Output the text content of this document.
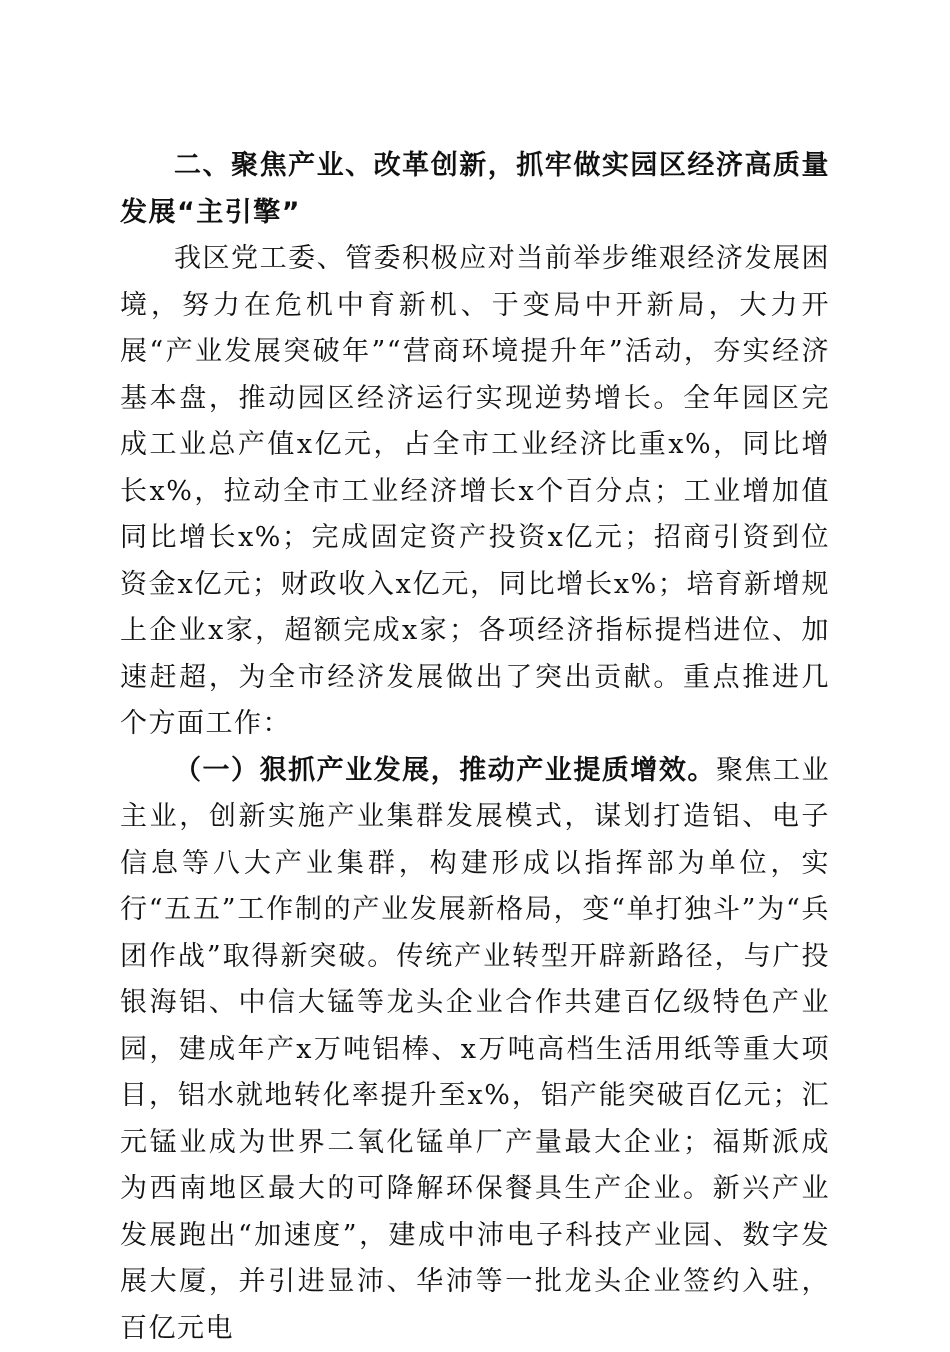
二、聚焦产业、改革创新，抓牢做实园区经济高质量发展“主引擎”

我区党工委、管委积极应对当前举步维艰经济发展困境，努力在危机中育新机、于变局中开新局，大力开展“产业发展突破年”“营商环境提升年”活动，夯实经济基本盘，推动园区经济运行实现逆势增长。全年园区完成工业总产值x亿元，占全市工业经济比重x%，同比增长x%，拉动全市工业经济增长x个百分点；工业增加值同比增长x%；完成固定资产投资x亿元；招商引资到位资金x亿元；财政收入x亿元，同比增长x%；培育新增规上企业x家，超额完成x家；各项经济指标提档进位、加速赶超，为全市经济发展做出了突出贡献。重点推进几个方面工作：

（一）狠抓产业发展，推动产业提质增效。聚焦工业主业，创新实施产业集群发展模式，谋划打造铝、电子信息等八大产业集群，构建形成以指挥部为单位，实行“五五”工作制的产业发展新格局，变“单打独斗”为“兵团作战”取得新突破。传统产业转型开辟新路径，与广投银海铝、中信大锰等龙头企业合作共建百亿级特色产业园，建成年产x万吨铝棒、x万吨高档生活用纸等重大项目，铝水就地转化率提升至x%，铝产能突破百亿元；汇元锰业成为世界二氧化锰单厂产量最大企业；福斯派成为西南地区最大的可降解环保餐具生产企业。新兴产业发展跑出“加速度”，建成中沛电子科技产业园、数字发展大厦，并引进显沛、华沛等一批龙头企业签约入驻，百亿元电
